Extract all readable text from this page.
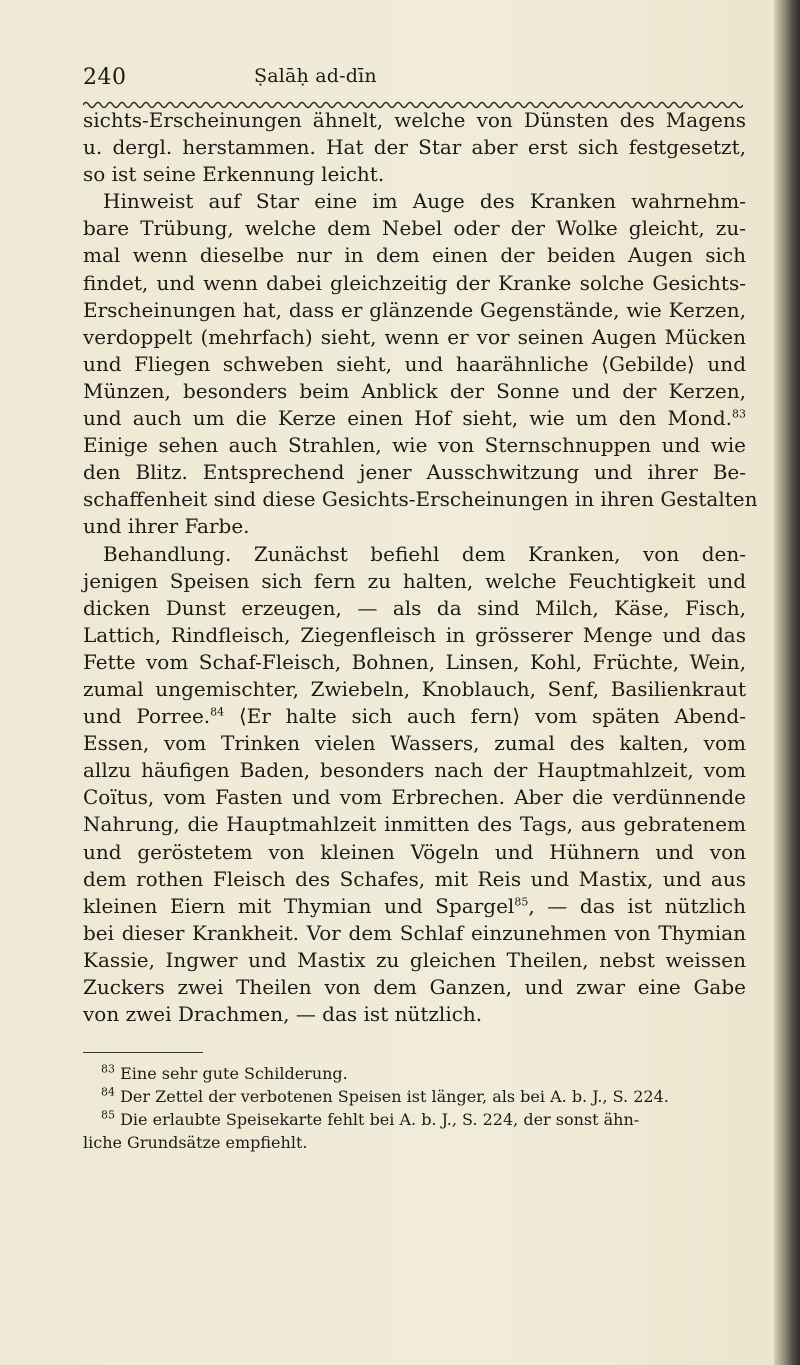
240	Ṣalāḥ ad-dīn
sichts-Erscheinungen ähnelt, welche von Dünsten des Magens
u. dergl. herstammen. Hat der Star aber erst sich festgesetzt,
so ist seine Erkennung leicht.
Hinweist auf Star eine im Auge des Kranken wahrnehm-
bare Trübung, welche dem Nebel oder der Wolke gleicht, zu-
mal wenn dieselbe nur in dem einen der beiden Augen sich
findet, und wenn dabei gleichzeitig der Kranke solche Gesichts-
Erscheinungen hat, dass er glänzende Gegenstände, wie Kerzen,
verdoppelt (mehrfach) sieht, wenn er vor seinen Augen Mücken
und Fliegen schweben sieht, und haarähnliche ⟨Gebilde⟩ und
Münzen, besonders beim Anblick der Sonne und der Kerzen,
und auch um die Kerze einen Hof sieht, wie um den Mond.$^{83}$
Einige sehen auch Strahlen, wie von Sternschnuppen und wie
den Blitz. Entsprechend jener Ausschwitzung und ihrer Be-
schaffenheit sind diese Gesichts-Erscheinungen in ihren Gestalten
und ihrer Farbe.
Behandlung. Zunächst befiehl dem Kranken, von den-
jenigen Speisen sich fern zu halten, welche Feuchtigkeit und
dicken Dunst erzeugen, — als da sind Milch, Käse, Fisch,
Lattich, Rindfleisch, Ziegenfleisch in grösserer Menge und das
Fette vom Schaf-Fleisch, Bohnen, Linsen, Kohl, Früchte, Wein,
zumal ungemischter, Zwiebeln, Knoblauch, Senf, Basilienkraut
und Porree.$^{84}$ ⟨Er halte sich auch fern⟩ vom späten Abend-
Essen, vom Trinken vielen Wassers, zumal des kalten, vom
allzu häufigen Baden, besonders nach der Hauptmahlzeit, vom
Coïtus, vom Fasten und vom Erbrechen. Aber die verdünnende
Nahrung, die Hauptmahlzeit inmitten des Tags, aus gebratenem
und geröstetem von kleinen Vögeln und Hühnern und von
dem rothen Fleisch des Schafes, mit Reis und Mastix, und aus
kleinen Eiern mit Thymian und Spargel$^{85}$, — das ist nützlich
bei dieser Krankheit. Vor dem Schlaf einzunehmen von Thymian
Kassie, Ingwer und Mastix zu gleichen Theilen, nebst weissen
Zuckers zwei Theilen von dem Ganzen, und zwar eine Gabe
von zwei Drachmen, — das ist nützlich.
$^{83}$ Eine sehr gute Schilderung.
$^{84}$ Der Zettel der verbotenen Speisen ist länger, als bei A. b. J., S. 224.
$^{85}$ Die erlaubte Speisekarte fehlt bei A. b. J., S. 224, der sonst ähn-
liche Grundsätze empfiehlt.
